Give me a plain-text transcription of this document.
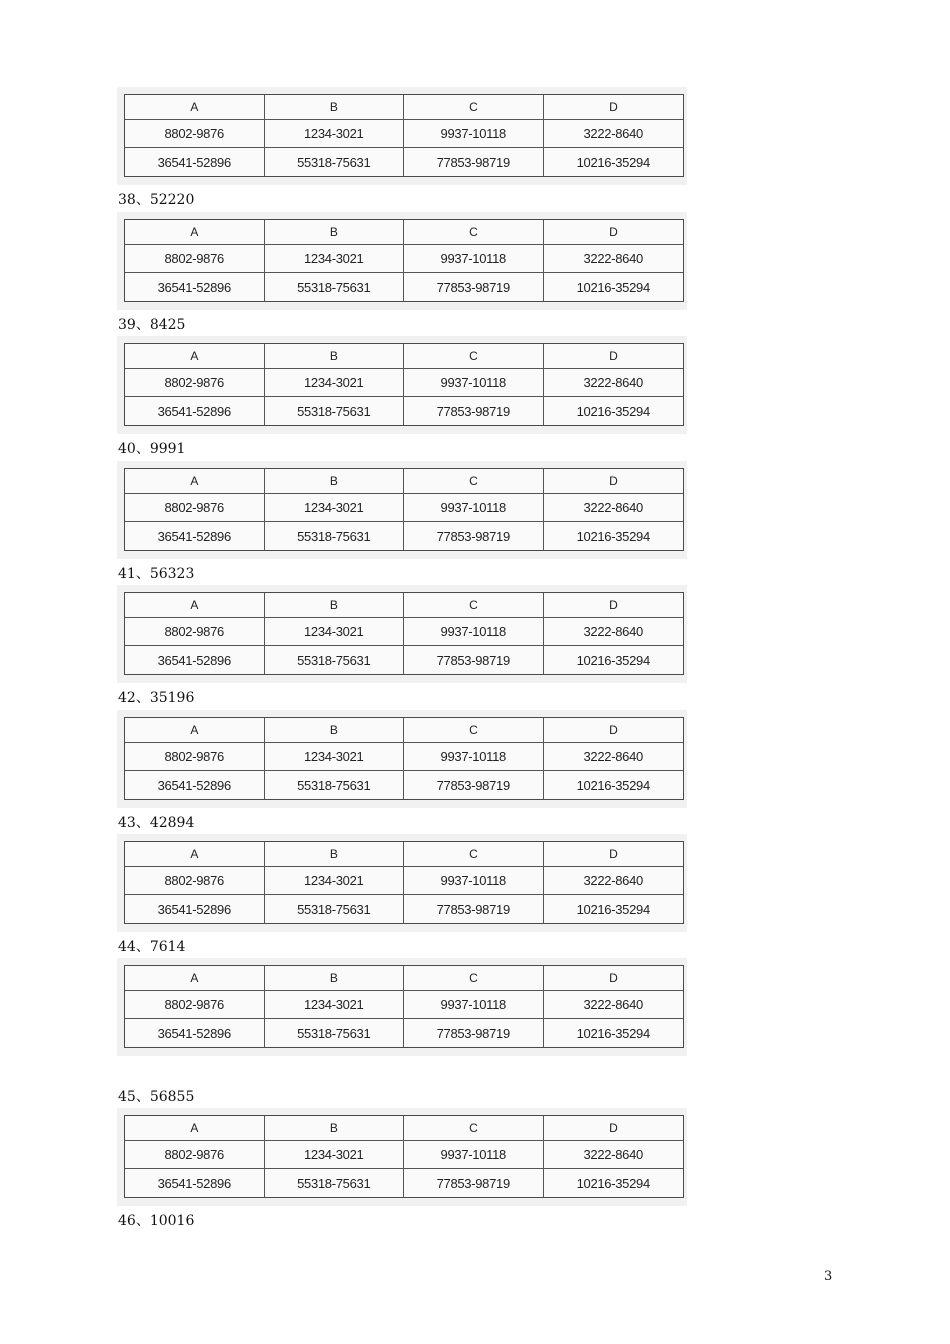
A	B	C	D
8802-9876	1234-3021	9937-10118	3222-8640
36541-52896	55318-75631	77853-98719	10216-35294
A	B	C	D
8802-9876	1234-3021	9937-10118	3222-8640
36541-52896	55318-75631	77853-98719	10216-35294
A	B	C	D
8802-9876	1234-3021	9937-10118	3222-8640
36541-52896	55318-75631	77853-98719	10216-35294
A	B	C	D
8802-9876	1234-3021	9937-10118	3222-8640
36541-52896	55318-75631	77853-98719	10216-35294
A	B	C	D
8802-9876	1234-3021	9937-10118	3222-8640
36541-52896	55318-75631	77853-98719	10216-35294
A	B	C	D
8802-9876	1234-3021	9937-10118	3222-8640
36541-52896	55318-75631	77853-98719	10216-35294
A	B	C	D
8802-9876	1234-3021	9937-10118	3222-8640
36541-52896	55318-75631	77853-98719	10216-35294
A	B	C	D
8802-9876	1234-3021	9937-10118	3222-8640
36541-52896	55318-75631	77853-98719	10216-35294
A	B	C	D
8802-9876	1234-3021	9937-10118	3222-8640
36541-52896	55318-75631	77853-98719	10216-35294
38、52220
39、8425
40、9991
41、56323
42、35196
43、42894
44、7614
45、56855
46、10016
3
